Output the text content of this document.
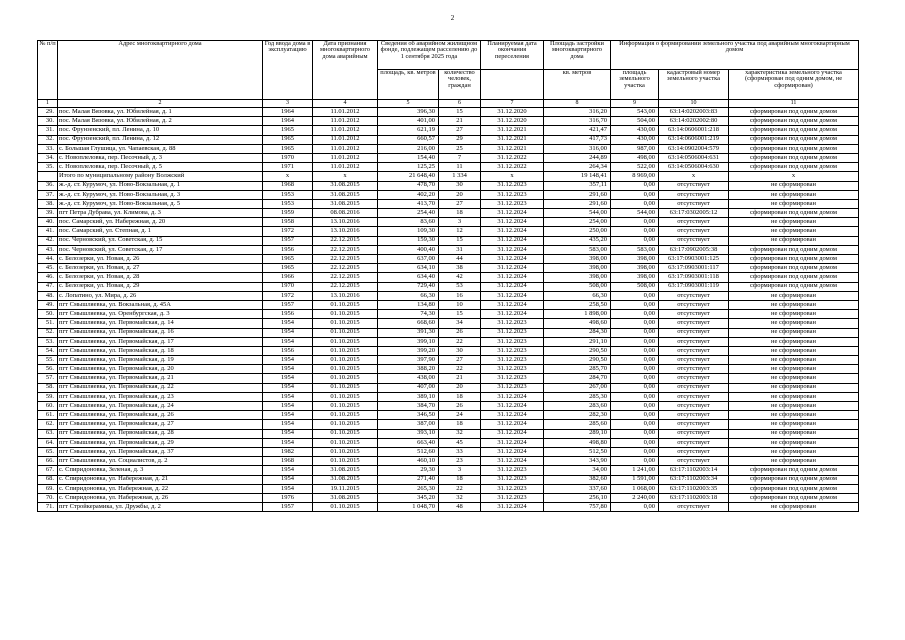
2
№ п/п	Адрес многоквартирного дома	Год ввода дома в эксплуатацию	Дата признания многоквартирного дома аварийным	Сведения об аварийном жилищном фонде, подлежащем расселению до 1 сентября 2025 года		Планируемая дата окончания переселения	Площадь застройки многоквартирного дома	Информация о формировании земельного участка под аварийным многоквартирным домом		
								площадь земельного участка	кадастровый номер земельного участка	характеристика земельного участка (сформирован под одним домом, не сформирован)
				площадь, кв. метров	количество человек, граждан		кв. метров			
1	2	3	4	5	6	7	8	9	10	11
29.	пос. Малая Вязовка, ул. Юбилейная, д. 1	1964	11.01.2012	396,30	15	31.12.2020	316,20	543,00	63:14:0202003:83	сформирован под одним домом
30.	пос. Малая Вязовка, ул. Юбилейная, д. 2	1964	11.01.2012	401,00	21	31.12.2020	316,70	504,00	63:14:0202002:80	сформирован под одним домом
31.	пос. Фрунзенский, пл. Ленина, д. 10	1965	11.01.2012	621,19	27	31.12.2021	421,47	430,00	63:14:0606001:218	сформирован под одним домом
32.	пос. Фрунзенский, пл. Ленина, д. 12	1965	11.01.2012	660,57	29	31.12.2021	417,73	430,00	63:14:0606001:219	сформирован под одним домом
33.	с. Большая Глушица, ул. Чапаевская, д. 88	1965	11.01.2012	216,00	25	31.12.2021	316,00	987,00	63:14:0902004:579	сформирован под одним домом
34.	с. Новоплеловка, пер. Песочный, д. 3	1970	11.01.2012	154,40	7	31.12.2022	244,89	498,00	63:14:0506004:631	сформирован под одним домом
35.	с. Новоплеловка, пер. Песочный, д. 5	1971	11.01.2012	125,25	11	31.12.2022	264,34	522,00	63:14:0506004:630	сформирован под одним домом
	Итого по муниципальному району Волжский	x	x	21 648,40	1 334	x	19 148,41	8 969,00	x	x
36.	ж.-д. ст. Курумоч, ул. Ново-Вокзальная, д. 1	1968	31.08.2015	478,70	30	31.12.2023	357,11	0,00	отсутствует	не сформирован
37.	ж.-д. ст. Курумоч, ул. Ново-Вокзальная, д. 3	1953	31.08.2015	402,20	20	31.12.2023	291,60	0,00	отсутствует	не сформирован
38.	ж.-д. ст. Курумоч, ул. Ново-Вокзальная, д. 5	1953	31.08.2015	413,70	27	31.12.2023	291,60	0,00	отсутствует	не сформирован
39.	пгт Петра Дубрава, ул. Климова, д. 3	1959	08.08.2016	254,40	18	31.12.2024	544,00	544,00	63:17:0302005:12	сформирован под одним домом
40.	пос. Самарский, ул. Набережная, д. 20	1958	13.10.2016	83,60	3	31.12.2024	254,00	0,00	отсутствует	не сформирован
41.	пос. Самарский, ул. Степная, д. 1	1972	13.10.2016	109,30	12	31.12.2024	250,00	0,00	отсутствует	не сформирован
42.	пос. Черновский, ул. Советская, д. 15	1957	22.12.2015	159,30	15	31.12.2024	435,20	0,00	отсутствует	не сформирован
43.	пос. Черновский, ул. Советская, д. 17	1956	22.12.2015	400,40	31	31.12.2024	583,00	583,00	63:17:0902005:38	сформирован под одним домом
44.	с. Белозерки, ул. Новая, д. 26	1965	22.12.2015	637,00	44	31.12.2024	398,00	398,00	63:17:0903001:125	сформирован под одним домом
45.	с. Белозерки, ул. Новая, д. 27	1965	22.12.2015	634,10	38	31.12.2024	398,00	398,00	63:17:0903001:117	сформирован под одним домом
46.	с. Белозерки, ул. Новая, д. 28	1966	22.12.2015	634,40	42	31.12.2024	398,00	398,00	63:17:0903001:118	сформирован под одним домом
47.	с. Белозерки, ул. Новая, д. 29	1970	22.12.2015	729,40	53	31.12.2024	508,00	508,00	63:17:0903001:119	сформирован под одним домом
48.	с. Лопатино, ул. Мира, д. 26	1972	13.10.2016	66,30	16	31.12.2024	66,30	0,00	отсутствует	не сформирован
49.	пгт Смышляевка, ул. Вокзальная, д. 45А	1957	01.10.2015	134,80	10	31.12.2024	258,50	0,00	отсутствует	не сформирован
50.	пгт Смышляевка, ул. Оренбургская, д. 3	1956	01.10.2015	74,30	15	31.12.2024	1 898,00	0,00	отсутствует	не сформирован
51.	пгт Смышляевка, ул. Первомайская, д. 14	1954	01.10.2015	668,60	34	31.12.2023	498,60	0,00	отсутствует	не сформирован
52.	пгт Смышляевка, ул. Первомайская, д. 16	1954	01.10.2015	391,30	26	31.12.2023	284,30	0,00	отсутствует	не сформирован
53.	пгт Смышляевка, ул. Первомайская, д. 17	1954	01.10.2015	399,10	22	31.12.2023	291,10	0,00	отсутствует	не сформирован
54.	пгт Смышляевка, ул. Первомайская, д. 18	1956	01.10.2015	399,20	30	31.12.2023	290,50	0,00	отсутствует	не сформирован
55.	пгт Смышляевка, ул. Первомайская, д. 19	1954	01.10.2015	397,90	27	31.12.2023	290,50	0,00	отсутствует	не сформирован
56.	пгт Смышляевка, ул. Первомайская, д. 20	1954	01.10.2015	388,20	22	31.12.2023	285,70	0,00	отсутствует	не сформирован
57.	пгт Смышляевка, ул. Первомайская, д. 21	1954	01.10.2015	438,00	21	31.12.2023	284,70	0,00	отсутствует	не сформирован
58.	пгт Смышляевка, ул. Первомайская, д. 22	1954	01.10.2015	407,00	20	31.12.2023	267,00	0,00	отсутствует	не сформирован
59.	пгт Смышляевка, ул. Первомайская, д. 23	1954	01.10.2015	389,10	18	31.12.2024	285,30	0,00	отсутствует	не сформирован
60.	пгт Смышляевка, ул. Первомайская, д. 24	1954	01.10.2015	384,70	26	31.12.2024	283,60	0,00	отсутствует	не сформирован
61.	пгт Смышляевка, ул. Первомайская, д. 26	1954	01.10.2015	346,50	24	31.12.2024	282,30	0,00	отсутствует	не сформирован
62.	пгт Смышляевка, ул. Первомайская, д. 27	1954	01.10.2015	387,00	18	31.12.2024	285,60	0,00	отсутствует	не сформирован
63.	пгт Смышляевка, ул. Первомайская, д. 28	1954	01.10.2015	393,10	32	31.12.2024	289,10	0,00	отсутствует	не сформирован
64.	пгт Смышляевка, ул. Первомайская, д. 29	1954	01.10.2015	663,40	45	31.12.2024	498,80	0,00	отсутствует	не сформирован
65.	пгт Смышляевка, ул. Первомайская, д. 37	1982	01.10.2015	512,60	33	31.12.2024	512,50	0,00	отсутствует	не сформирован
66.	пгт Смышляевка, ул. Социалистов, д. 2	1968	01.10.2015	460,10	23	31.12.2024	343,90	0,00	отсутствует	не сформирован
67.	с. Спиридоновка, Зеленая, д. 3	1954	31.08.2015	29,30	3	31.12.2023	34,00	1 241,00	63:17:1102003:14	сформирован под одним домом
68.	с. Спиридоновка, ул. Набережная, д. 21	1954	31.08.2015	271,40	18	31.12.2023	382,60	1 591,00	63:17:1102003:34	сформирован под одним домом
69.	с. Спиридоновка, ул. Набережная, д. 22	1954	19.11.2015	265,30	22	31.12.2023	337,60	1 068,00	63:17:1102003:35	сформирован под одним домом
70.	с. Спиридоновка, ул. Набережная, д. 26	1976	31.08.2015	345,20	32	31.12.2023	256,10	2 240,00	63:17:1102003:18	сформирован под одним домом
71.	пгт Стройкерамика, ул. Дружбы, д. 2	1957	01.10.2015	1 048,70	48	31.12.2024	757,80	0,00	отсутствует	не сформирован
